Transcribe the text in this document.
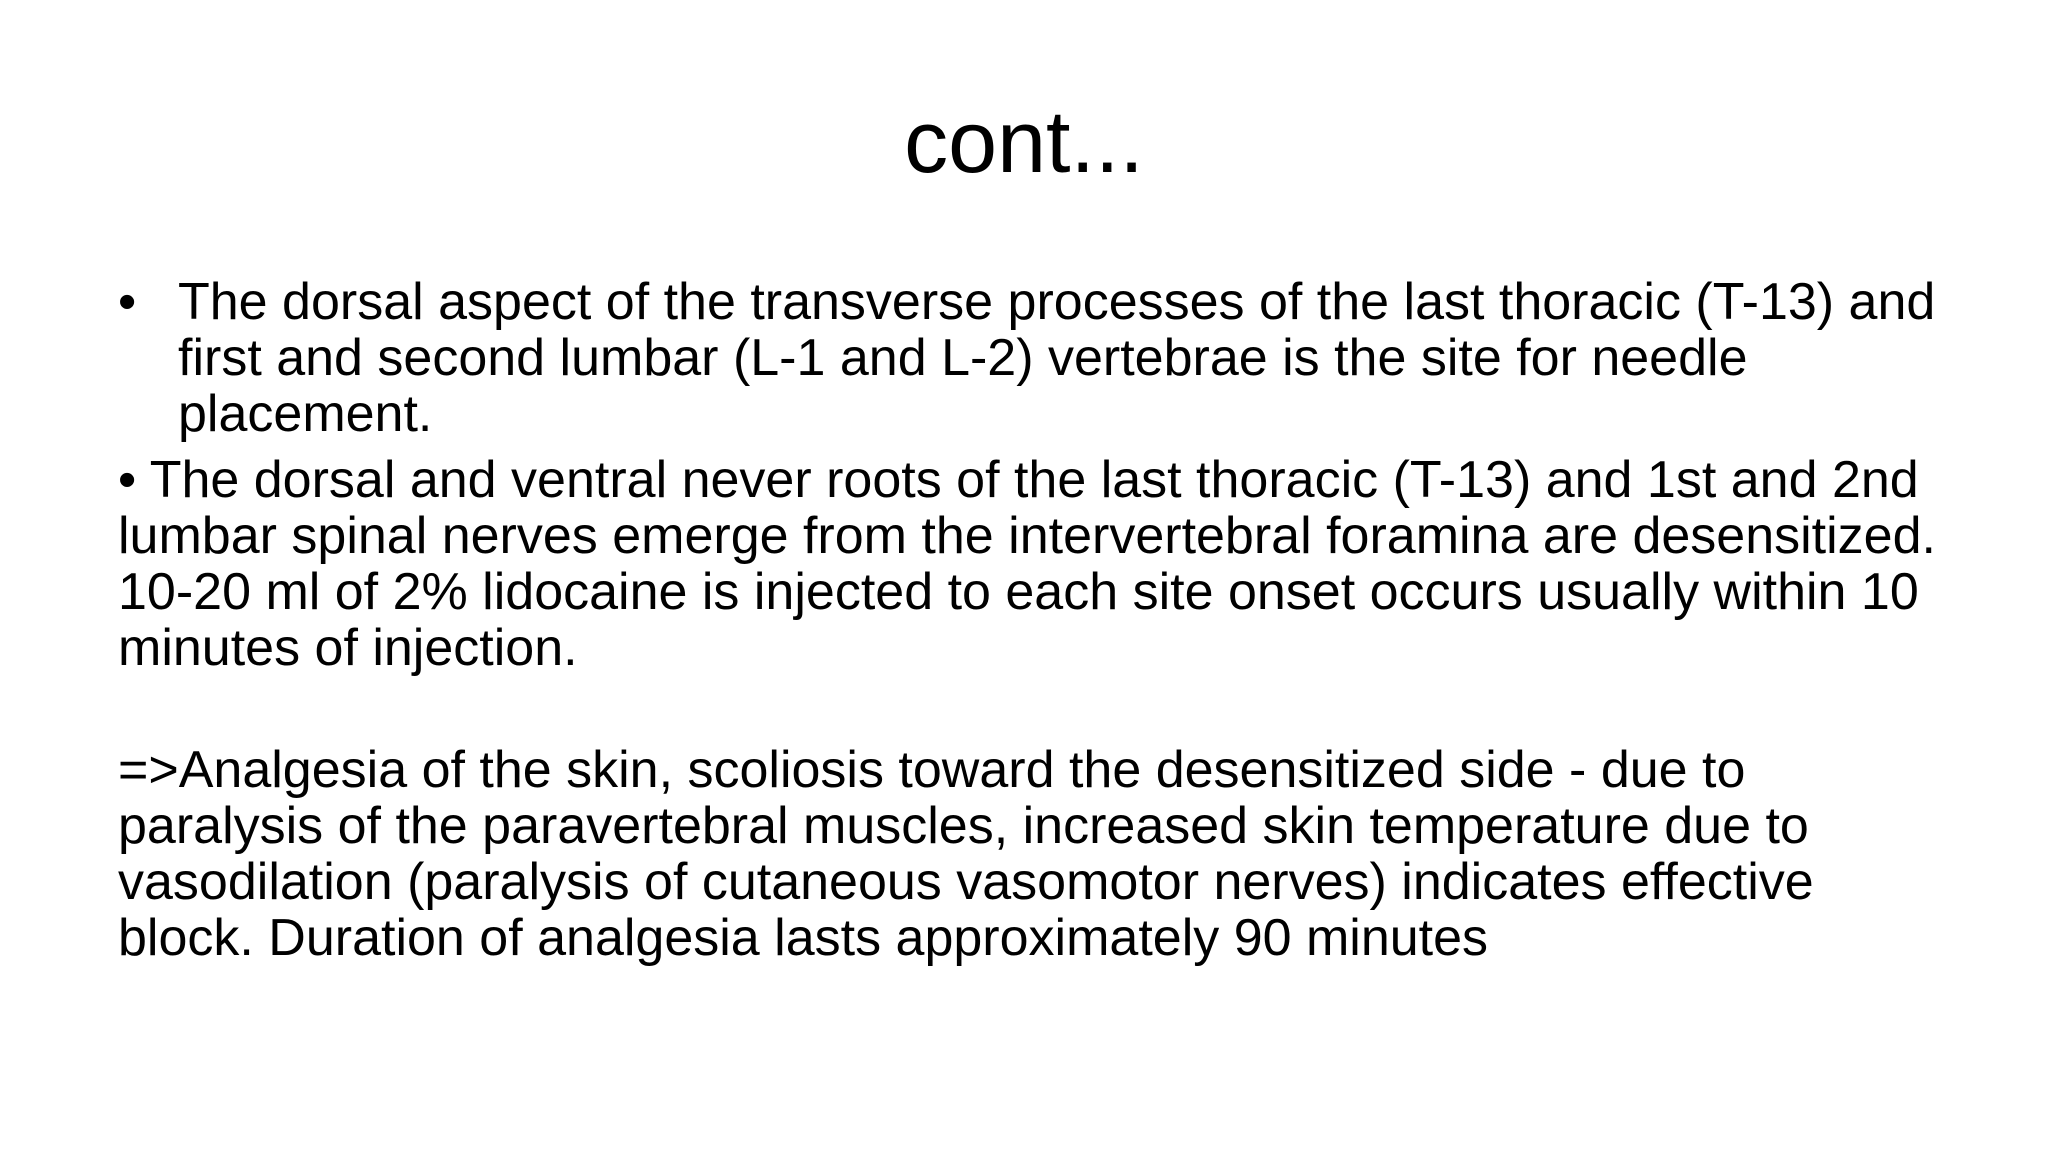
cont...
• The dorsal aspect of the transverse processes of the last thoracic (T-13) and first and second lumbar (L-1 and L-2) vertebrae is the site for needle placement.

• The dorsal and ventral never roots of the last thoracic (T-13) and 1st and 2nd lumbar spinal nerves emerge from the intervertebral foramina are desensitized. 10-20 ml of 2% lidocaine is injected to each site onset occurs usually within 10 minutes of injection.

=>Analgesia of the skin, scoliosis toward the desensitized side - due to paralysis of the paravertebral muscles, increased skin temperature due to vasodilation (paralysis of cutaneous vasomotor nerves) indicates effective block. Duration of analgesia lasts approximately 90 minutes
